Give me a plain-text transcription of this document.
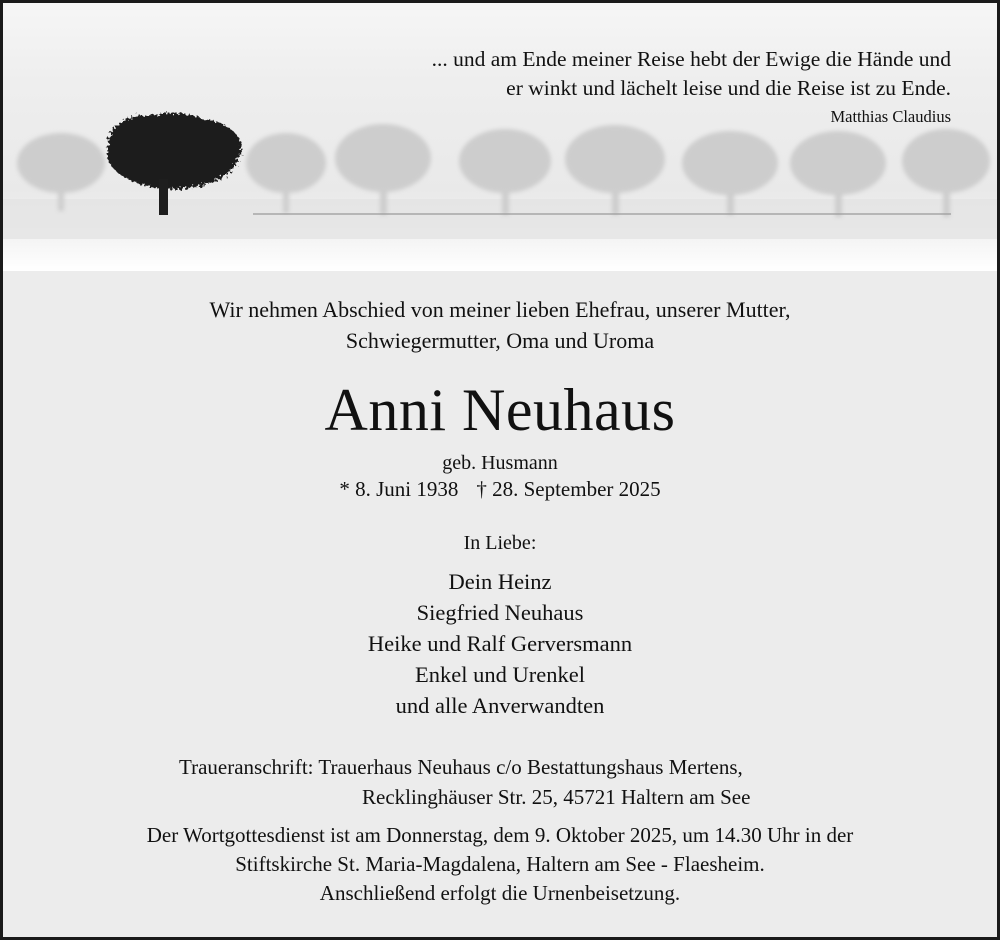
... und am Ende meiner Reise hebt der Ewige die Hände und
er winkt und lächelt leise und die Reise ist zu Ende.
Matthias Claudius
Wir nehmen Abschied von meiner lieben Ehefrau, unserer Mutter,
Schwiegermutter, Oma und Uroma
Anni Neuhaus
geb. Husmann
* 8. Juni 1938 † 28. September 2025
In Liebe:
Dein Heinz
Siegfried Neuhaus
Heike und Ralf Gerversmann
Enkel und Urenkel
und alle Anverwandten
Traueranschrift: Trauerhaus Neuhaus c/o Bestattungshaus Mertens,
Recklinghäuser Str. 25, 45721 Haltern am See
Der Wortgottesdienst ist am Donnerstag, dem 9. Oktober 2025, um 14.30 Uhr in der
Stiftskirche St. Maria-Magdalena, Haltern am See - Flaesheim.
Anschließend erfolgt die Urnenbeisetzung.
